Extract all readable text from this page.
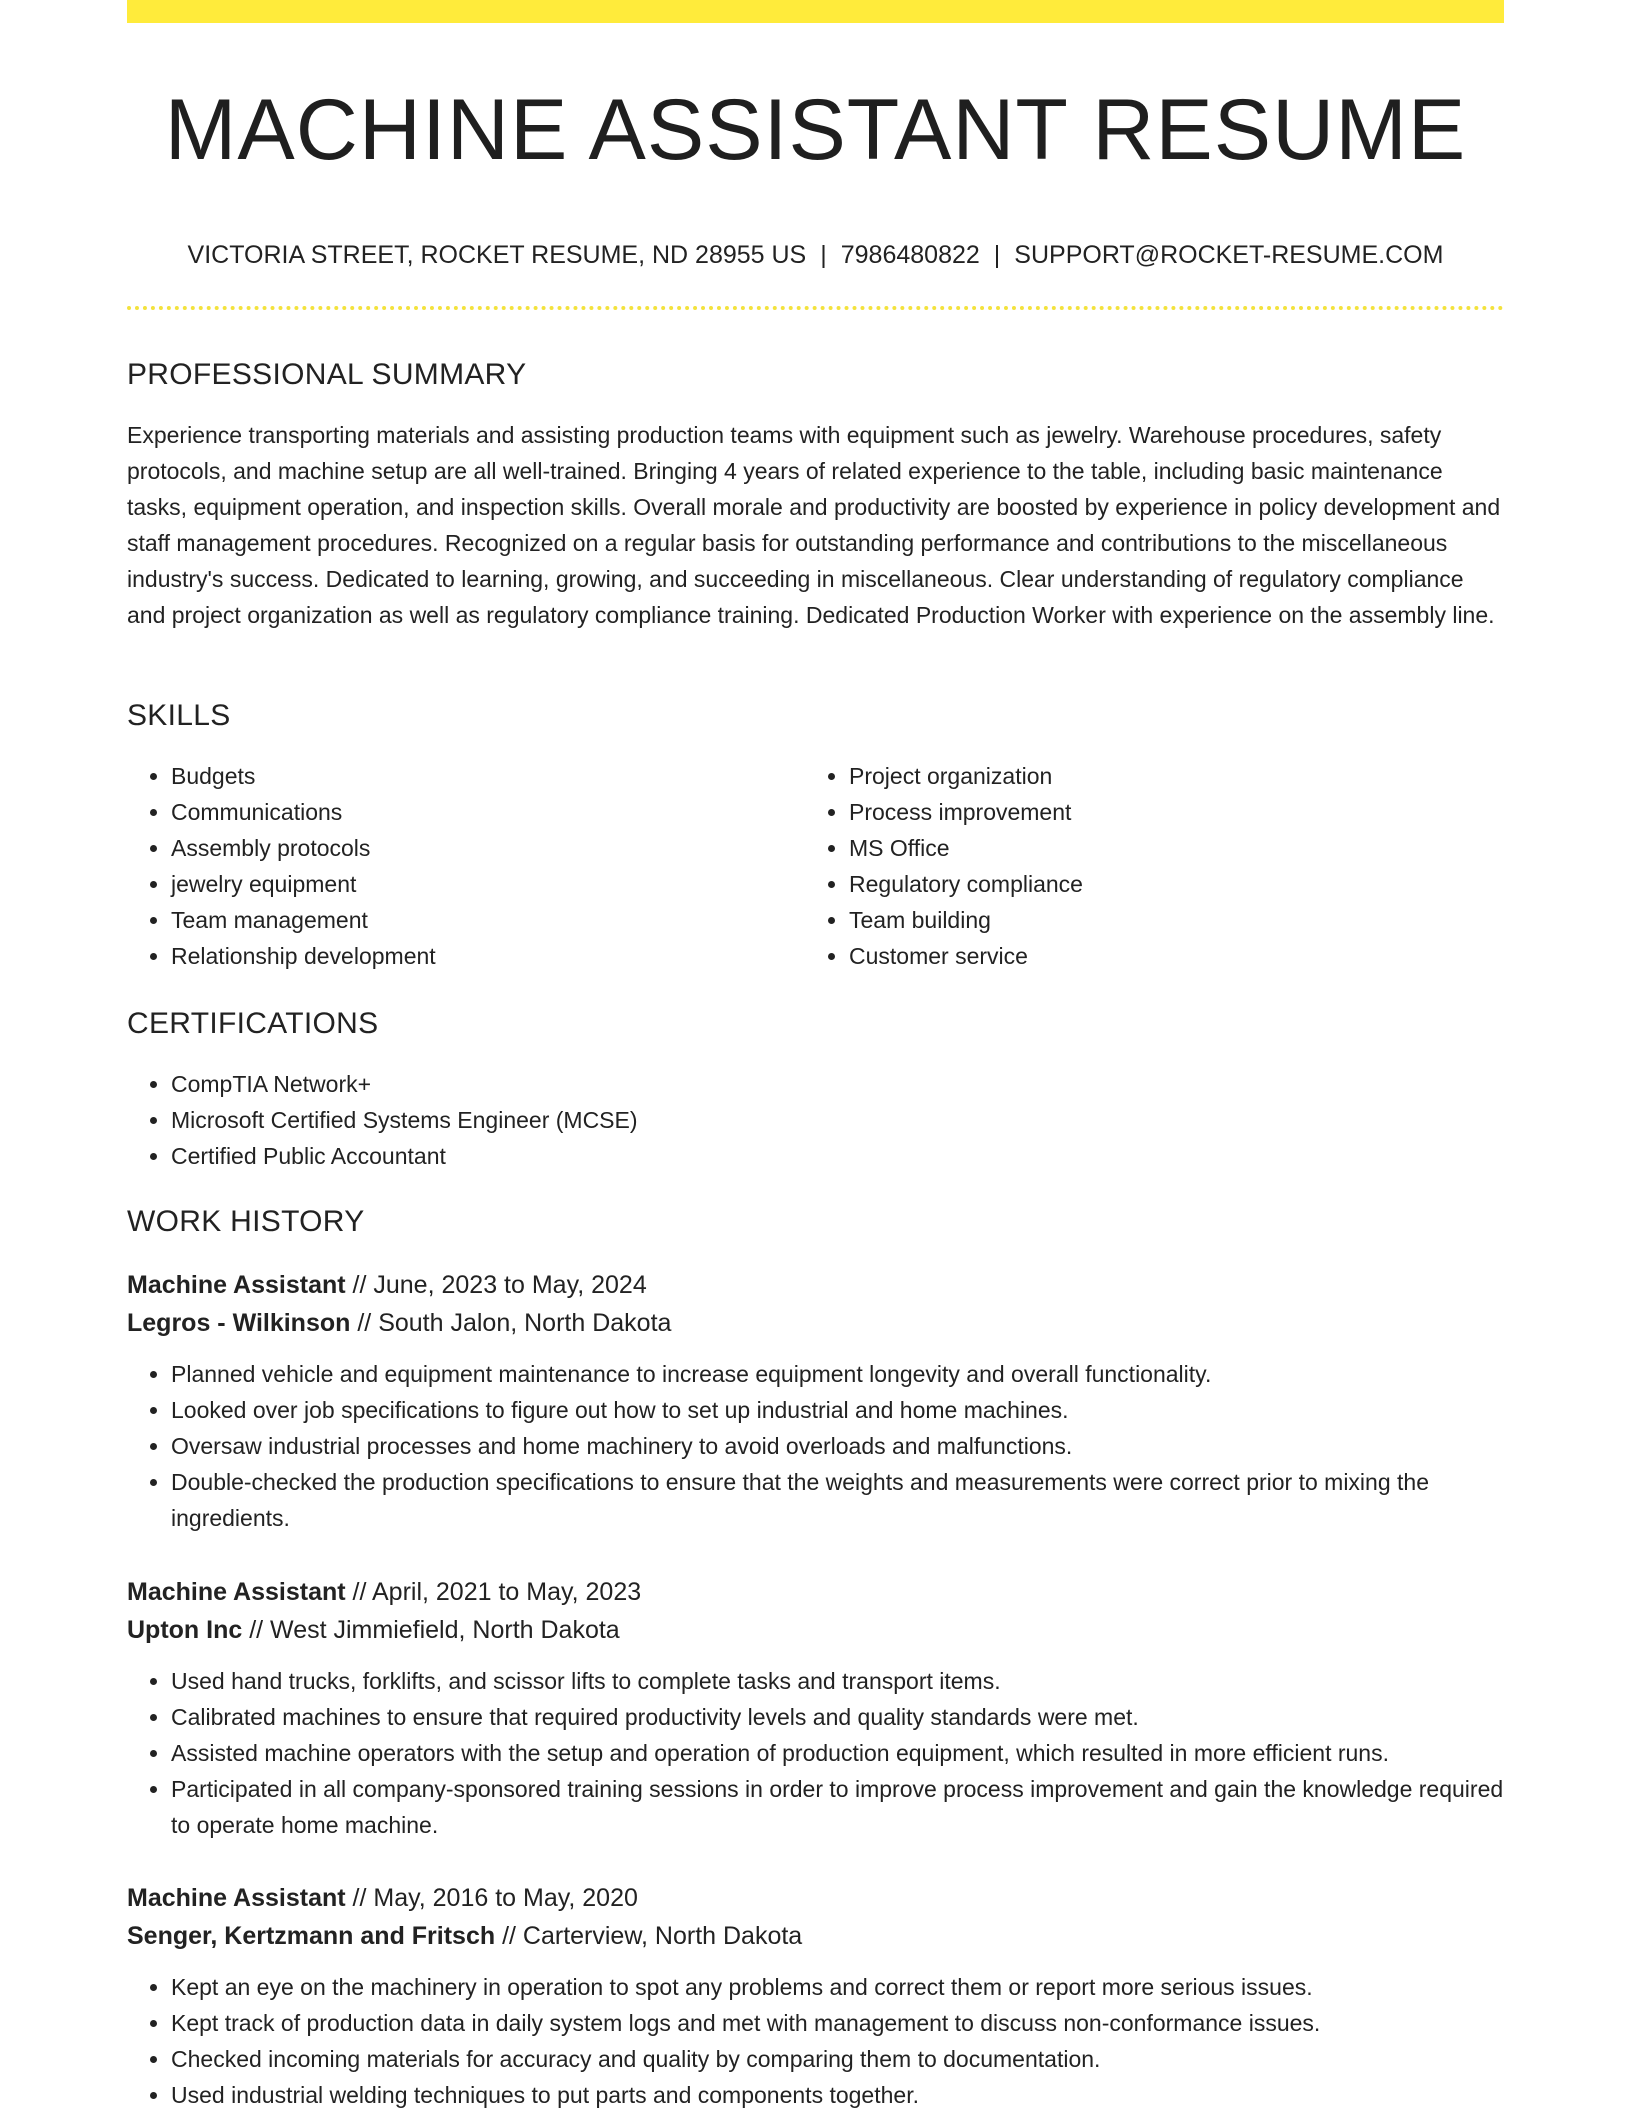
MACHINE ASSISTANT RESUME
VICTORIA STREET, ROCKET RESUME, ND 28955 US | 7986480822 | SUPPORT@ROCKET-RESUME.COM
PROFESSIONAL SUMMARY
Experience transporting materials and assisting production teams with equipment such as jewelry. Warehouse procedures, safety protocols, and machine setup are all well-trained. Bringing 4 years of related experience to the table, including basic maintenance tasks, equipment operation, and inspection skills. Overall morale and productivity are boosted by experience in policy development and staff management procedures. Recognized on a regular basis for outstanding performance and contributions to the miscellaneous industry's success. Dedicated to learning, growing, and succeeding in miscellaneous. Clear understanding of regulatory compliance and project organization as well as regulatory compliance training. Dedicated Production Worker with experience on the assembly line.
SKILLS
• Budgets
• Communications
• Assembly protocols
• jewelry equipment
• Team management
• Relationship development
• Project organization
• Process improvement
• MS Office
• Regulatory compliance
• Team building
• Customer service
CERTIFICATIONS
• CompTIA Network+
• Microsoft Certified Systems Engineer (MCSE)
• Certified Public Accountant
WORK HISTORY
Machine Assistant // June, 2023 to May, 2024
Legros - Wilkinson // South Jalon, North Dakota
• Planned vehicle and equipment maintenance to increase equipment longevity and overall functionality.
• Looked over job specifications to figure out how to set up industrial and home machines.
• Oversaw industrial processes and home machinery to avoid overloads and malfunctions.
• Double-checked the production specifications to ensure that the weights and measurements were correct prior to mixing the ingredients.
Machine Assistant // April, 2021 to May, 2023
Upton Inc // West Jimmiefield, North Dakota
• Used hand trucks, forklifts, and scissor lifts to complete tasks and transport items.
• Calibrated machines to ensure that required productivity levels and quality standards were met.
• Assisted machine operators with the setup and operation of production equipment, which resulted in more efficient runs.
• Participated in all company-sponsored training sessions in order to improve process improvement and gain the knowledge required to operate home machine.
Machine Assistant // May, 2016 to May, 2020
Senger, Kertzmann and Fritsch // Carterview, North Dakota
• Kept an eye on the machinery in operation to spot any problems and correct them or report more serious issues.
• Kept track of production data in daily system logs and met with management to discuss non-conformance issues.
• Checked incoming materials for accuracy and quality by comparing them to documentation.
• Used industrial welding techniques to put parts and components together.
